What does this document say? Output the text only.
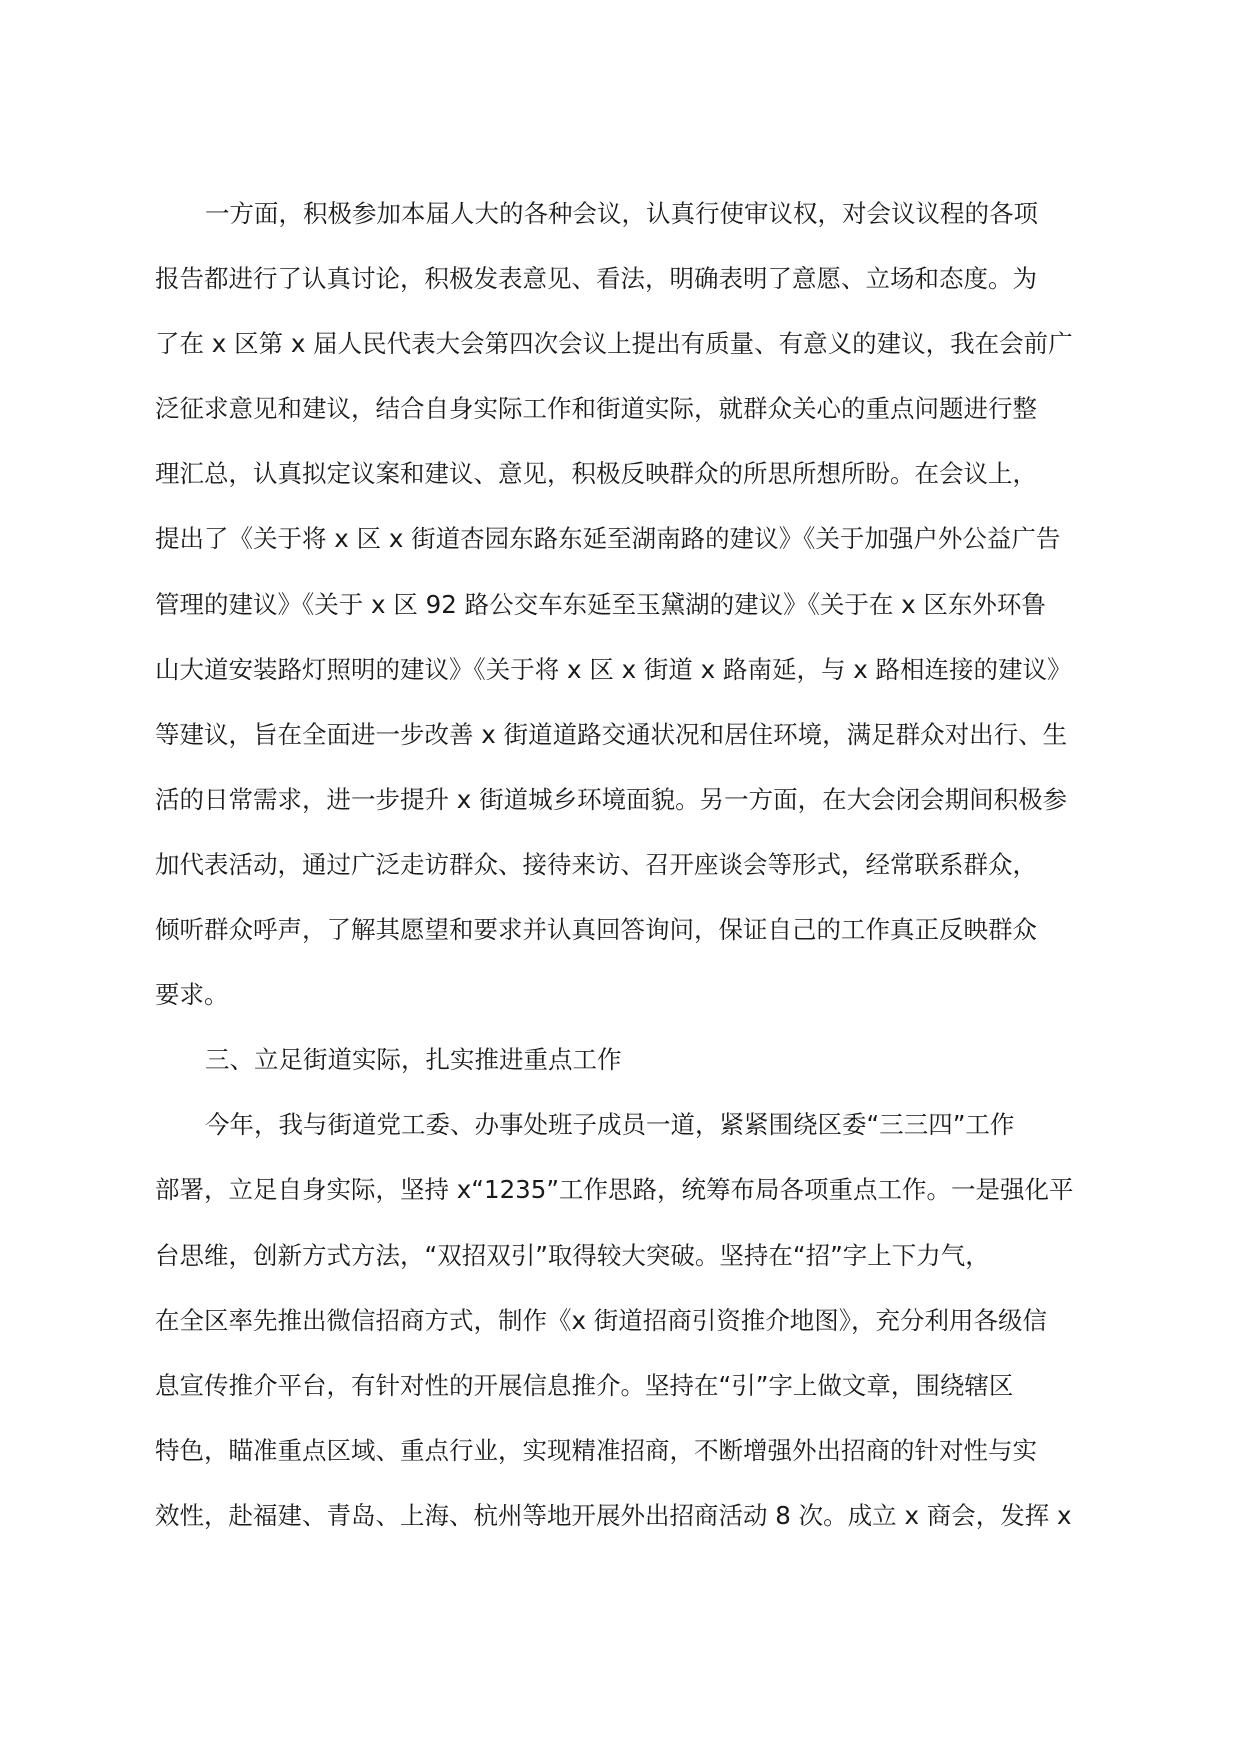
一方面，积极参加本届人大的各种会议，认真行使审议权，对会议议程的各项
报告都进行了认真讨论，积极发表意见、看法，明确表明了意愿、立场和态度。为
了在 x 区第 x 届人民代表大会第四次会议上提出有质量、有意义的建议，我在会前广
泛征求意见和建议，结合自身实际工作和街道实际，就群众关心的重点问题进行整
理汇总，认真拟定议案和建议、意见，积极反映群众的所思所想所盼。在会议上，
提出了《关于将 x 区 x 街道杏园东路东延至湖南路的建议》《关于加强户外公益广告
管理的建议》《关于 x 区 92 路公交车东延至玉黛湖的建议》《关于在 x 区东外环鲁
山大道安装路灯照明的建议》《关于将 x 区 x 街道 x 路南延，与 x 路相连接的建议》
等建议，旨在全面进一步改善 x 街道道路交通状况和居住环境，满足群众对出行、生
活的日常需求，进一步提升 x 街道城乡环境面貌。另一方面，在大会闭会期间积极参
加代表活动，通过广泛走访群众、接待来访、召开座谈会等形式，经常联系群众，
倾听群众呼声，了解其愿望和要求并认真回答询问，保证自己的工作真正反映群众
要求。
三、立足街道实际，扎实推进重点工作
今年，我与街道党工委、办事处班子成员一道，紧紧围绕区委“三三四”工作
部署，立足自身实际，坚持 x“1235”工作思路，统筹布局各项重点工作。一是强化平
台思维，创新方式方法，“双招双引”取得较大突破。坚持在“招”字上下力气，
在全区率先推出微信招商方式，制作《x 街道招商引资推介地图》，充分利用各级信
息宣传推介平台，有针对性的开展信息推介。坚持在“引”字上做文章，围绕辖区
特色，瞄准重点区域、重点行业，实现精准招商，不断增强外出招商的针对性与实
效性，赴福建、青岛、上海、杭州等地开展外出招商活动 8 次。成立 x 商会，发挥 x
